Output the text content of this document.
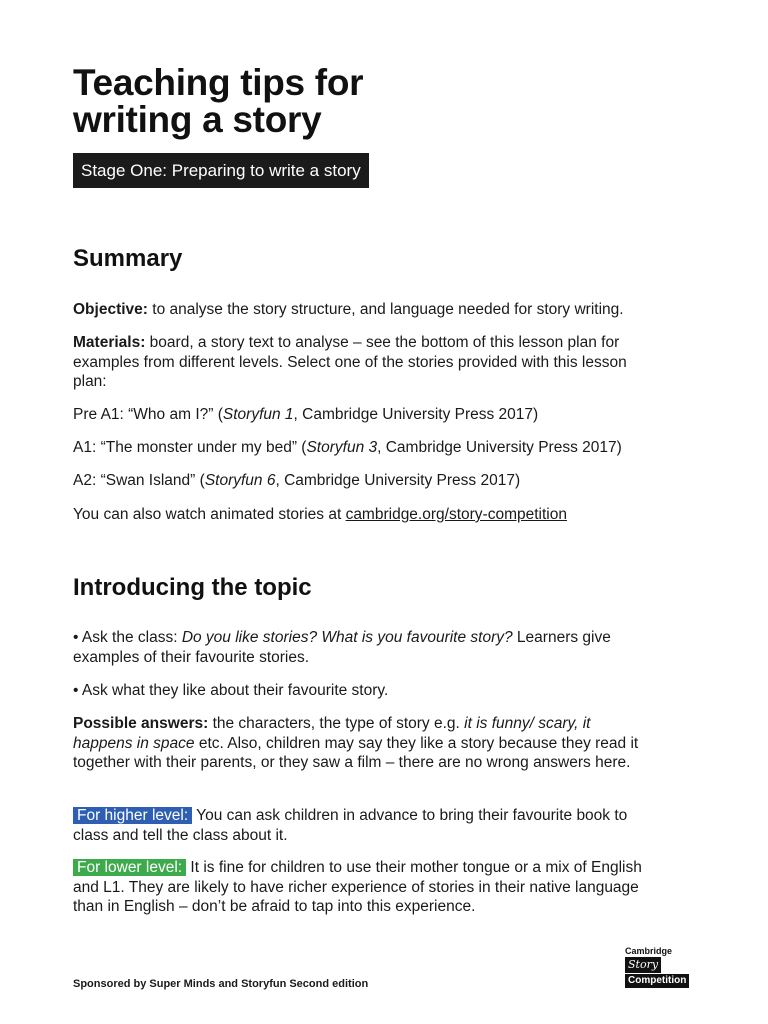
Teaching tips for
writing a story
Stage One: Preparing to write a story
Summary

Objective: to analyse the story structure, and language needed for story writing.

Materials: board, a story text to analyse – see the bottom of this lesson plan for examples from different levels. Select one of the stories provided with this lesson plan:

Pre A1: “Who am I?” (Storyfun 1, Cambridge University Press 2017)

A1: “The monster under my bed” (Storyfun 3, Cambridge University Press 2017)

A2: “Swan Island” (Storyfun 6, Cambridge University Press 2017)

You can also watch animated stories at cambridge.org/story-competition

Introducing the topic

• Ask the class: Do you like stories? What is you favourite story? Learners give examples of their favourite stories.

• Ask what they like about their favourite story.

Possible answers: the characters, the type of story e.g. it is funny/ scary, it happens in space etc. Also, children may say they like a story because they read it together with their parents, or they saw a film – there are no wrong answers here.

For higher level: You can ask children in advance to bring their favourite book to class and tell the class about it.

For lower level: It is fine for children to use their mother tongue or a mix of English and L1. They are likely to have richer experience of stories in their native language than in English – don’t be afraid to tap into this experience.

Sponsored by Super Minds and Storyfun Second edition
Cambridge
Story
Competition
